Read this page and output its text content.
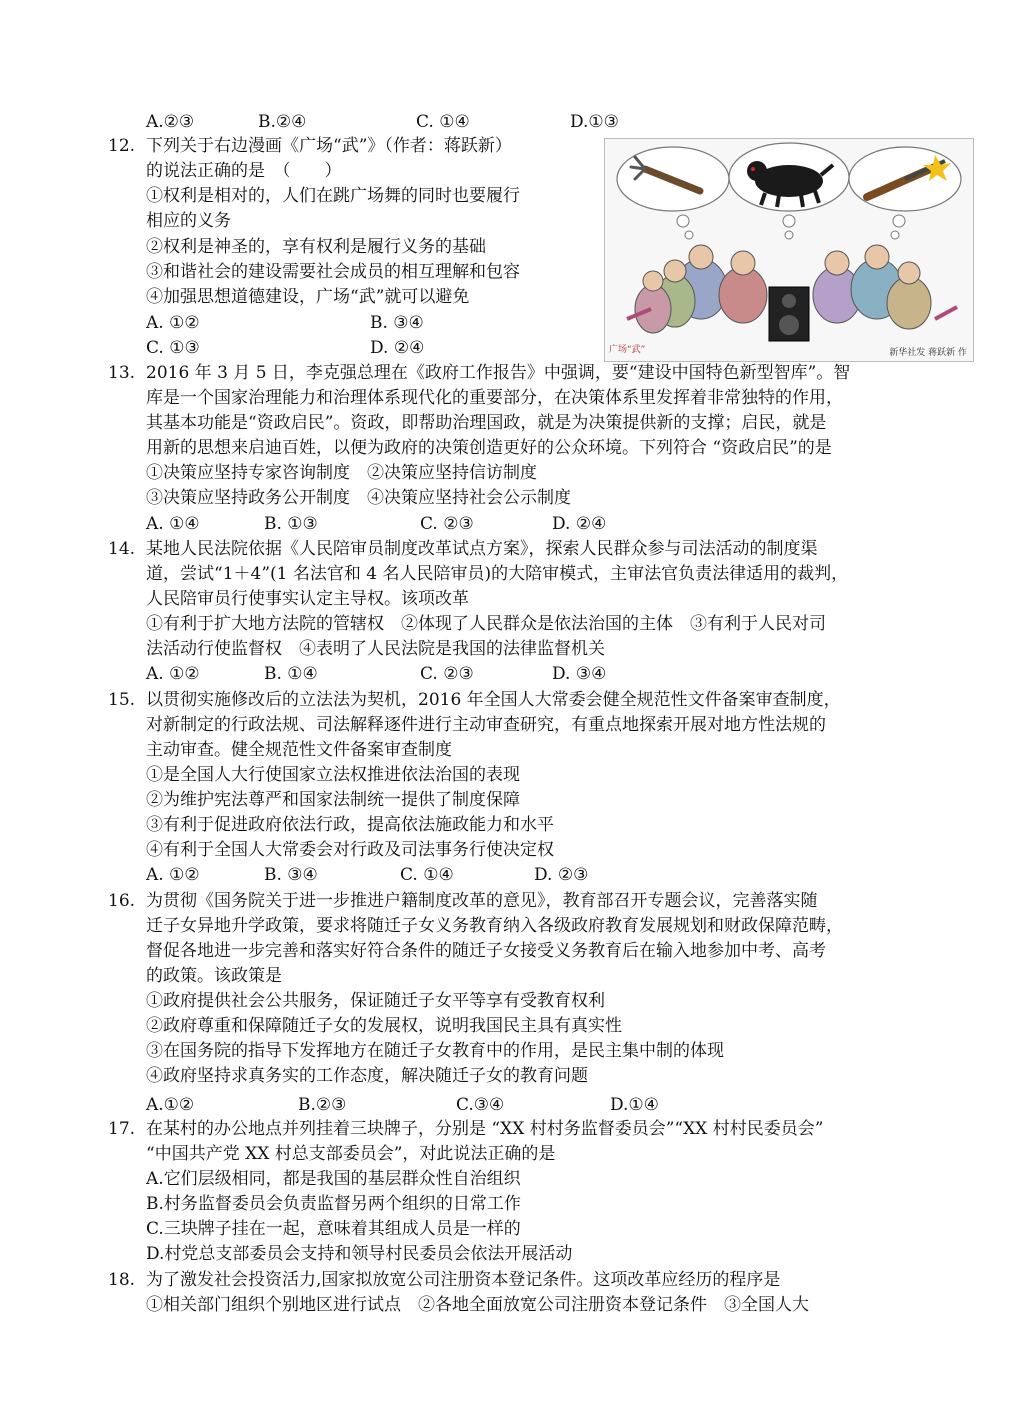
A.②③	B.②④	C. ①④	D.①③
12. 下列关于右边漫画《广场“武”》（作者：蒋跃新）
的说法正确的是　（　　）
①权利是相对的，人们在跳广场舞的同时也要履行
相应的义务
②权利是神圣的，享有权利是履行义务的基础
③和谐社会的建设需要社会成员的相互理解和包容
④加强思想道德建设，广场“武”就可以避免
A. ①②	B. ③④
C. ①③	D. ②④	广场“武”	新华社发 蒋跃新 作
13. 2016 年 3 月 5 日，李克强总理在《政府工作报告》中强调，要“建设中国特色新型智库”。智
库是一个国家治理能力和治理体系现代化的重要部分，在决策体系里发挥着非常独特的作用，
其基本功能是“资政启民”。资政，即帮助治理国政，就是为决策提供新的支撑；启民，就是
用新的思想来启迪百姓，以便为政府的决策创造更好的公众环境。下列符合 “资政启民”的是
①决策应坚持专家咨询制度　②决策应坚持信访制度
③决策应坚持政务公开制度　④决策应坚持社会公示制度
A. ①④	B. ①③	C. ②③	D. ②④
14. 某地人民法院依据《人民陪审员制度改革试点方案》，探索人民群众参与司法活动的制度渠
道，尝试“1＋4”(1 名法官和 4 名人民陪审员)的大陪审模式，主审法官负责法律适用的裁判，
人民陪审员行使事实认定主导权。该项改革
①有利于扩大地方法院的管辖权　②体现了人民群众是依法治国的主体　③有利于人民对司
法活动行使监督权　④表明了人民法院是我国的法律监督机关
A. ①②	B. ①④	C. ②③	D. ③④
15. 以贯彻实施修改后的立法法为契机，2016 年全国人大常委会健全规范性文件备案审查制度，
对新制定的行政法规、司法解释逐件进行主动审查研究，有重点地探索开展对地方性法规的
主动审查。健全规范性文件备案审查制度
①是全国人大行使国家立法权推进依法治国的表现
②为维护宪法尊严和国家法制统一提供了制度保障
③有利于促进政府依法行政，提高依法施政能力和水平
④有利于全国人大常委会对行政及司法事务行使决定权
A. ①②	B. ③④	C. ①④	D. ②③
16. 为贯彻《国务院关于进一步推进户籍制度改革的意见》，教育部召开专题会议，完善落实随
迁子女异地升学政策，要求将随迁子女义务教育纳入各级政府教育发展规划和财政保障范畴，
督促各地进一步完善和落实好符合条件的随迁子女接受义务教育后在输入地参加中考、高考
的政策。该政策是
①政府提供社会公共服务，保证随迁子女平等享有受教育权利
②政府尊重和保障随迁子女的发展权，说明我国民主具有真实性
③在国务院的指导下发挥地方在随迁子女教育中的作用，是民主集中制的体现
④政府坚持求真务实的工作态度，解决随迁子女的教育问题
A.①②	B.②③	C.③④	D.①④
17. 在某村的办公地点并列挂着三块牌子，分别是 “XX 村村务监督委员会”“XX 村村民委员会”
“中国共产党 XX 村总支部委员会”，对此说法正确的是
A.它们层级相同，都是我国的基层群众性自治组织
B.村务监督委员会负责监督另两个组织的日常工作
C.三块牌子挂在一起，意味着其组成人员是一样的
D.村党总支部委员会支持和领导村民委员会依法开展活动
18. 为了激发社会投资活力,国家拟放宽公司注册资本登记条件。这项改革应经历的程序是
①相关部门组织个别地区进行试点　②各地全面放宽公司注册资本登记条件　③全国人大
